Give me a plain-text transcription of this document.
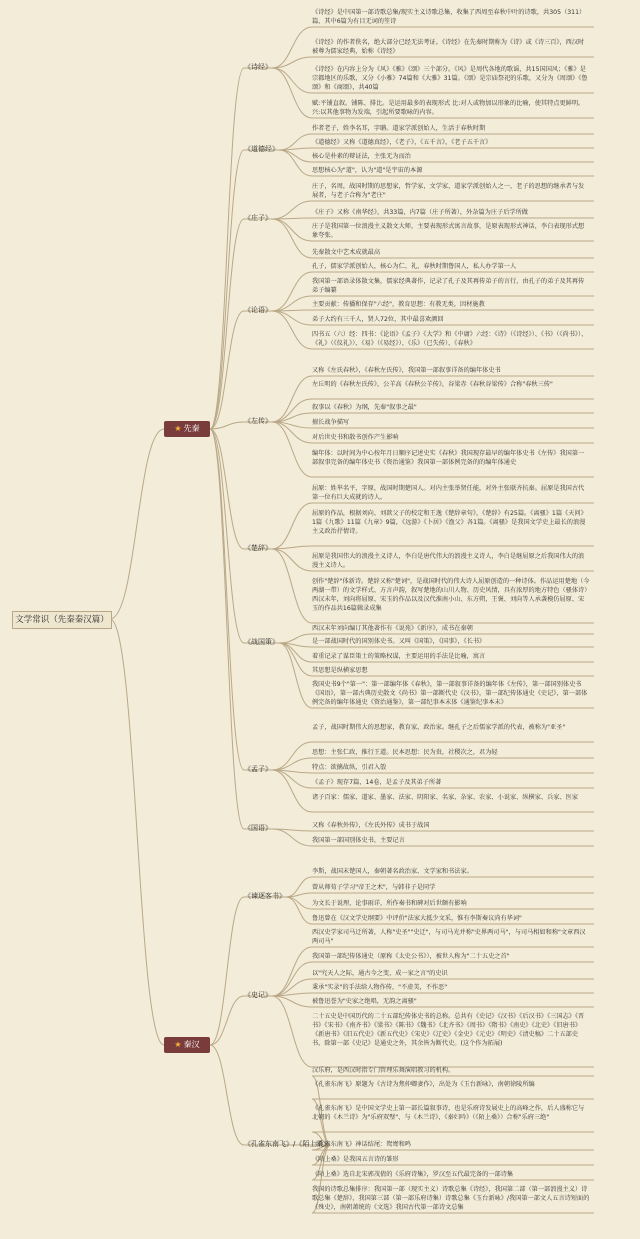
文学常识（先秦秦汉篇）
★ 先秦
★ 秦汉
《诗经》
《诗经》是中国第一部诗歌总集/现实主义诗歌总集，收集了西周至春秋中叶的诗歌，共305（311）篇，其中6篇为有目无词的笙诗
《诗经》的作者佚名，绝大部分已经无法考证。《诗经》在先秦时期称为《诗》或《诗三百》，西汉时被尊为儒家经典，始称《诗经》
《诗经》在内容上分为《风》《雅》《颂》三个部分。《风》是周代各地的歌谣，共15国国风；《雅》是宗都地区的乐歌，又分《小雅》74篇和《大雅》31篇。《颂》是宗庙祭祀的乐歌，又分为《周颂》《鲁颂》和《商颂》，共40篇
赋:平铺直叙。铺陈、排比。是运用最多的表现形式 比:对人或物加以形象的比喻，使其特点更鲜明。兴:以其他事物为发端，引起所要歌咏的内容。
《道德经》
作者老子，姓李名耳，字聃。道家学派创始人，生活于春秋时期
《道德经》又称《道德真经》，《老子》，《五千言》，《老子五千言》
核心是朴素的辩证法，主张无为而治
思想核心为"道"，认为"道"是宇宙的本源
《庄子》
庄子，名周，战国时期的思想家，哲学家，文学家，道家学派创始人之一，老子的思想的继承者与发展者，与老子合称为"老庄"
《庄子》又称《南华经》，共33篇，内7篇（庄子所著），外杂篇为庄子后学所做
庄子是我国第一位浪漫主义散文大师，主要表现形式寓言故事，是原表现形式神话，李白表现形式想象夸张。
先秦散文中艺术成就最高
《论语》
孔子，儒家学派创始人，核心为仁、礼，春秋时期鲁国人，私人办学第一人
我国第一部语录体散文集，儒家经典著作，记录了孔子及其再传弟子的言行，由孔子的弟子及其再传弟子编纂
主要贡献：传播和保存"六经"，教育思想：有教无类，因材施教
弟子大约有三千人，贤人72位，其中最喜欢颜回
四书五（六）经：四书：《论语》《孟子》《大学》和《中庸》六经：《诗》（《诗经》）、《书》（《尚书》）、《礼》（《仪礼》）、《易》（《易经》）、《乐》（已失传）、《春秋》
《左传》
又称《左氏春秋》，《春秋左氏传》，我国第一部叙事详备的编年体史书
左丘明的《春秋左氏传》，公羊高《春秋公羊传》，谷梁赤《春秋谷梁传》合称"春秋三传"
叙事以《春秋》为纲，先秦"叙事之最"
擅长战争描写
对后世史书和散书创作产生影响
编年体：以时间为中心按年月日顺序记述史实《春秋》我国现存最早的编年体史书《左传》我国第一部叙事完备的编年体史书《资治通鉴》我国第一部体例完备的的编年体通史
《楚辞》
屈原：姓芈名平，字原，战国时期楚国人。对内主张举贤任能，对外主张联齐抗秦。屈原是我国古代第一位有巨大成就的诗人。
屈原的作品，根据刘向、刘歆父子的校定和王逸《楚辞章句》，《楚辞》有25篇。《离骚》1篇《天问》1篇《九歌》11篇《九章》9篇，《远游》《卜居》《渔父》各1篇。《离骚》是我国文学史上最长的浪漫主义政治抒情诗。
屈原是我国伟大的浪漫主义诗人，李白是唐代伟大的浪漫主义诗人，李白是继屈原之后我国伟大的浪漫主义诗人。
创作"楚辞"体新诗。楚辞又称"楚词"，是战国时代的伟大诗人屈原创造的一种诗体。作品运用楚地（今两湖一带）的文学样式、方言声韵，叙写楚地的山川人物、历史风情，具有浓厚的地方特色（骚体诗）西汉末年，刘向将屈原、宋玉的作品以及汉代淮南小山、东方朔、王褒、刘向等人承袭模仿屈原、宋玉的作品共16篇辑录成集
《战国策》
西汉末年刘向编订其他著作有《说苑》《新序》，成书在秦朝
是一部战国时代的国别体史书。又叫《国策》，《国事》，《长书》
着重记录了谋臣策士的策略权谋，主要运用的手法是比喻，寓言
其思想是纵横家思想
我国史书9个"第一"：第一部编年体《春秋》，第一部叙事详备的编年体《左传》，第一部国别体史书《国语》，第一部古典历史散文《尚书》第一部断代史《汉书》，第一部纪传体通史《史记》，第一部体例完备的编年体通史《资治通鉴》，第一部纪事本末体《通鉴纪事本末》
《孟子》
孟子，战国时期伟大的思想家，教育家，政治家。继孔子之后儒家学派的代表，被称为"亚圣"
思想：主张仁政，推行王道。民本思想：民为贵，社稷次之，君为轻
特点：欲擒故纵，引君入彀
《孟子》现存7篇，14卷，是孟子及其弟子所著
诸子百家：儒家、道家、墨家、法家、阴阳家、名家、杂家、农家、小说家、纵横家、兵家、医家
《国语》	又称《春秋外传》，《左氏外传》成书于战国
我国第一部国别体史书，主要记言
《谏逐客书》
李斯，战国末楚国人，秦朝著名政治家、文学家和书法家。
曾从师荀子学习"帝王之术"，与韩非子是同学
为文长于说理，论事雨详，所作奏书和碑对后世颇有影响
鲁迅曾在《汉文学史纲要》中评价"法家大抵少文采，惟有李斯奏议尚有华词"
《史记》
西汉史学家司马迁所著，人称"史圣""史迁"，与司马光并称"史界两司马"，与司马相如和称"文章西汉两司马"
我国第一部纪传体通史（原称《太史公书》），被世人称为"二十五史之首"
以"究天人之际，通古今之变，成一家之言"的史识
秉承"实录"的手法给人物作传，"不虚美，不作恶"
被鲁迅誉为"史家之绝唱，无韵之离骚"
二十五史是中国历代的二十五部纪传体史书的总称。总共有《史记》《汉书》《后汉书》《三国志》《晋书》《宋书》《南齐书》《梁书》《陈书》《魏书》《北齐书》《周书》《隋书》《南史》《北史》《旧唐书》《新唐书》《旧五代史》《新五代史》《宋史》《辽史》《金史》《元史》《明史》《清史稿》二十五部史书，除第一部《史记》是通史之外，其余皆为断代史。(这个作为拓展)
《孔雀东南飞》/《陌上桑》
汉乐府，是西汉时指专门管理乐舞演唱教习的机构。
《孔雀东南飞》原题为《古诗为焦仲卿妻作》，出处为《玉台新咏》，南朝徐陵所编
《孔雀东南飞》是中国文学史上第一部长篇叙事诗，也是乐府诗发展史上的高峰之作，后人盛称它与北朝的《木兰诗》为"乐府双璧"，与《木兰诗》，《秦妇吟》（《陌上桑》）合称"乐府三绝"
《孔雀东南飞》神话结尾：鸳鸯和鸣
《陌上桑》是我国五言诗的雏形
《陌上桑》选自北宋郭茂倩的《乐府诗集》，罗汉至五代最完备的一部诗集
我国的诗歌总集排序：我国第一部（现实主义）诗歌总集《诗经》，我国第二部（第一部浪漫主义）诗歌总集《楚辞》，我国第三部（第一部乐府诗集）诗歌总集《玉台新咏》/我国第一部文人五言诗短面的《殊史》，南朝萧统的《文选》我国古代第一部诗文总集
